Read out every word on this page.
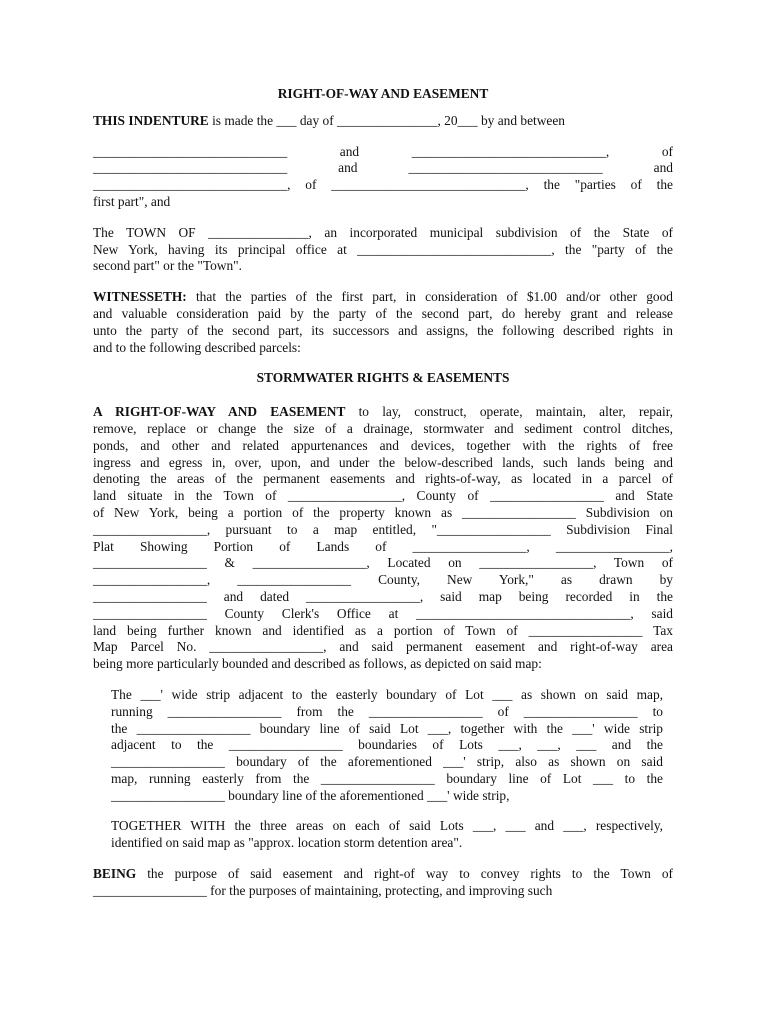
RIGHT-OF-WAY AND EASEMENT
THIS INDENTURE is made the ___ day of _______________, 20___ by and between
_____________________________ and _____________________________, of
_____________________________ and _____________________________ and
_____________________________, of _____________________________, the "parties of the
first part", and
The TOWN OF _______________, an incorporated municipal subdivision of the State of
New York, having its principal office at _____________________________, the "party of the
second part" or the "Town".
WITNESSETH: that the parties of the first part, in consideration of $1.00 and/or other good
and valuable consideration paid by the party of the second part, do hereby grant and release
unto the party of the second part, its successors and assigns, the following described rights in
and to the following described parcels:
STORMWATER RIGHTS & EASEMENTS
A RIGHT-OF-WAY AND EASEMENT to lay, construct, operate, maintain, alter, repair,
remove, replace or change the size of a drainage, stormwater and sediment control ditches,
ponds, and other and related appurtenances and devices, together with the rights of free
ingress and egress in, over, upon, and under the below-described lands, such lands being and
denoting the areas of the permanent easements and rights-of-way, as located in a parcel of
land situate in the Town of _________________, County of _________________ and State
of New York, being a portion of the property known as _________________ Subdivision on
_________________, pursuant to a map entitled, "_________________ Subdivision Final
Plat Showing Portion of Lands of _________________, _________________,
_________________ & _________________, Located on _________________, Town of
_________________, _________________ County, New York," as drawn by
_________________ and dated _________________, said map being recorded in the
_________________ County Clerk's Office at ________________________________, said
land being further known and identified as a portion of Town of _________________ Tax
Map Parcel No. _________________, and said permanent easement and right-of-way area
being more particularly bounded and described as follows, as depicted on said map:
The ___' wide strip adjacent to the easterly boundary of Lot ___ as shown on said map,
running _________________ from the _________________ of _________________ to
the _________________ boundary line of said Lot ___, together with the ___' wide strip
adjacent to the _________________ boundaries of Lots ___, ___, ___ and the
_________________ boundary of the aforementioned ___' strip, also as shown on said
map, running easterly from the _________________ boundary line of Lot ___ to the
_________________ boundary line of the aforementioned ___' wide strip,
TOGETHER WITH the three areas on each of said Lots ___, ___ and ___, respectively,
identified on said map as "approx. location storm detention area".
BEING the purpose of said easement and right-of way to convey rights to the Town of
_________________ for the purposes of maintaining, protecting, and improving such
